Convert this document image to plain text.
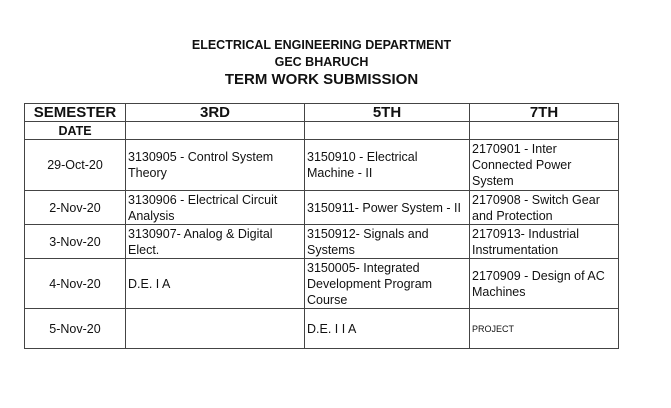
ELECTRICAL ENGINEERING DEPARTMENT
GEC BHARUCH
TERM WORK SUBMISSION
SEMESTER	3RD	5TH	7TH
DATE			
29-Oct-20	3130905 - Control System Theory	3150910 - Electrical Machine - II	2170901 - Inter Connected Power System
2-Nov-20	3130906 - Electrical Circuit Analysis	3150911- Power System - II	2170908 - Switch Gear and Protection
3-Nov-20	3130907- Analog & Digital Elect.	3150912- Signals and Systems	2170913- Industrial Instrumentation
4-Nov-20	D.E. I A	3150005- Integrated Development Program Course	2170909 - Design of AC Machines
5-Nov-20		D.E. I I A	PROJECT
